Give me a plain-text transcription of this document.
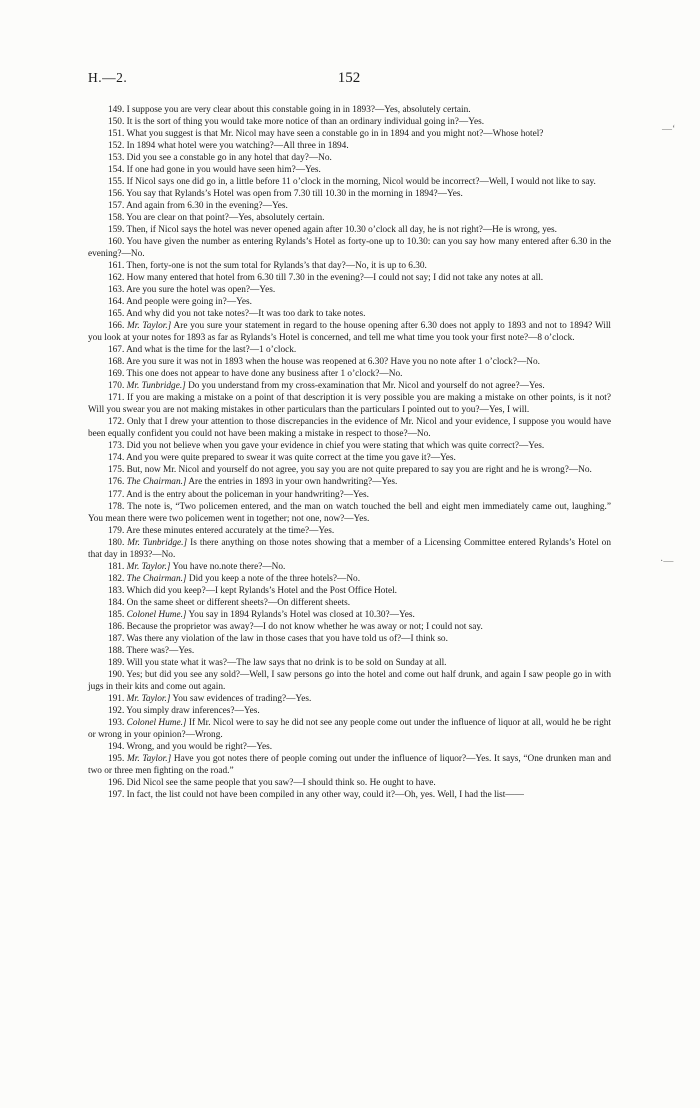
H.—2.	152
—‘
·—

149. I suppose you are very clear about this constable going in in 1893?—Yes, absolutely certain.

150. It is the sort of thing you would take more notice of than an ordinary individual going in?—Yes.

151. What you suggest is that Mr. Nicol may have seen a constable go in in 1894 and you might not?—Whose hotel?

152. In 1894 what hotel were you watching?—All three in 1894.

153. Did you see a constable go in any hotel that day?—No.

154. If one had gone in you would have seen him?—Yes.

155. If Nicol says one did go in, a little before 11 o’clock in the morning, Nicol would be incorrect?—Well, I would not like to say.

156. You say that Rylands’s Hotel was open from 7.30 till 10.30 in the morning in 1894?—Yes.

157. And again from 6.30 in the evening?—Yes.

158. You are clear on that point?—Yes, absolutely certain.

159. Then, if Nicol says the hotel was never opened again after 10.30 o’clock all day, he is not right?—He is wrong, yes.

160. You have given the number as entering Rylands’s Hotel as forty-one up to 10.30: can you say how many entered after 6.30 in the evening?—No.

161. Then, forty-one is not the sum total for Rylands’s that day?—No, it is up to 6.30.

162. How many entered that hotel from 6.30 till 7.30 in the evening?—I could not say; I did not take any notes at all.

163. Are you sure the hotel was open?—Yes.

164. And people were going in?—Yes.

165. And why did you not take notes?—It was too dark to take notes.

166. Mr. Taylor.] Are you sure your statement in regard to the house opening after 6.30 does not apply to 1893 and not to 1894? Will you look at your notes for 1893 as far as Rylands’s Hotel is concerned, and tell me what time you took your first note?—8 o’clock.

167. And what is the time for the last?—1 o’clock.

168. Are you sure it was not in 1893 when the house was reopened at 6.30? Have you no note after 1 o’clock?—No.

169. This one does not appear to have done any business after 1 o’clock?—No.

170. Mr. Tunbridge.] Do you understand from my cross-examination that Mr. Nicol and yourself do not agree?—Yes.

171. If you are making a mistake on a point of that description it is very possible you are making a mistake on other points, is it not? Will you swear you are not making mistakes in other particulars than the particulars I pointed out to you?—Yes, I will.

172. Only that I drew your attention to those discrepancies in the evidence of Mr. Nicol and your evidence, I suppose you would have been equally confident you could not have been making a mistake in respect to those?—No.

173. Did you not believe when you gave your evidence in chief you were stating that which was quite correct?—Yes.

174. And you were quite prepared to swear it was quite correct at the time you gave it?—Yes.

175. But, now Mr. Nicol and yourself do not agree, you say you are not quite prepared to say you are right and he is wrong?—No.

176. The Chairman.] Are the entries in 1893 in your own handwriting?—Yes.

177. And is the entry about the policeman in your handwriting?—Yes.

178. The note is, “Two policemen entered, and the man on watch touched the bell and eight men immediately came out, laughing.” You mean there were two policemen went in together; not one, now?—Yes.

179. Are these minutes entered accurately at the time?—Yes.

180. Mr. Tunbridge.] Is there anything on those notes showing that a member of a Licensing Committee entered Rylands’s Hotel on that day in 1893?—No.

181. Mr. Taylor.] You have no.note there?—No.

182. The Chairman.] Did you keep a note of the three hotels?—No.

183. Which did you keep?—I kept Rylands’s Hotel and the Post Office Hotel.

184. On the same sheet or different sheets?—On different sheets.

185. Colonel Hume.] You say in 1894 Rylands’s Hotel was closed at 10.30?—Yes.

186. Because the proprietor was away?—I do not know whether he was away or not; I could not say.

187. Was there any violation of the law in those cases that you have told us of?—I think so.

188. There was?—Yes.

189. Will you state what it was?—The law says that no drink is to be sold on Sunday at all.

190. Yes; but did you see any sold?—Well, I saw persons go into the hotel and come out half drunk, and again I saw people go in with jugs in their kits and come out again.

191. Mr. Taylor.] You saw evidences of trading?—Yes.

192. You simply draw inferences?—Yes.

193. Colonel Hume.] If Mr. Nicol were to say he did not see any people come out under the influence of liquor at all, would he be right or wrong in your opinion?—Wrong.

194. Wrong, and you would be right?—Yes.

195. Mr. Taylor.] Have you got notes there of people coming out under the influence of liquor?—Yes. It says, “One drunken man and two or three men fighting on the road.”

196. Did Nicol see the same people that you saw?—I should think so. He ought to have.

197. In fact, the list could not have been compiled in any other way, could it?—Oh, yes. Well, I had the list——
